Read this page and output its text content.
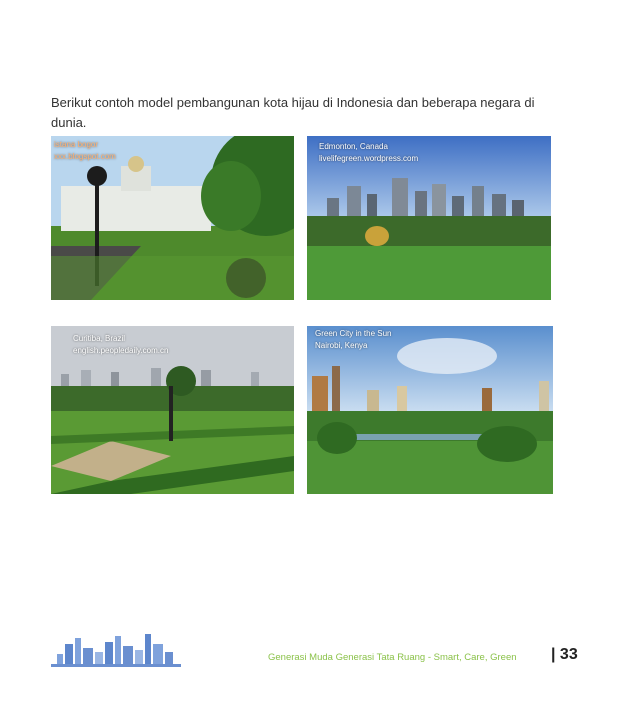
Berikut contoh model pembangunan kota hijau di Indonesia dan beberapa negara di dunia.

istana bogor
xxx.blogspot.com
Edmonton, Canada
livelifegreen.wordpress.com
Curitiba, Brazil
english.peopledaily.com.cn
Green City in the Sun
Nairobi, Kenya
Generasi Muda Generasi Tata Ruang - Smart, Care, Green | 33
